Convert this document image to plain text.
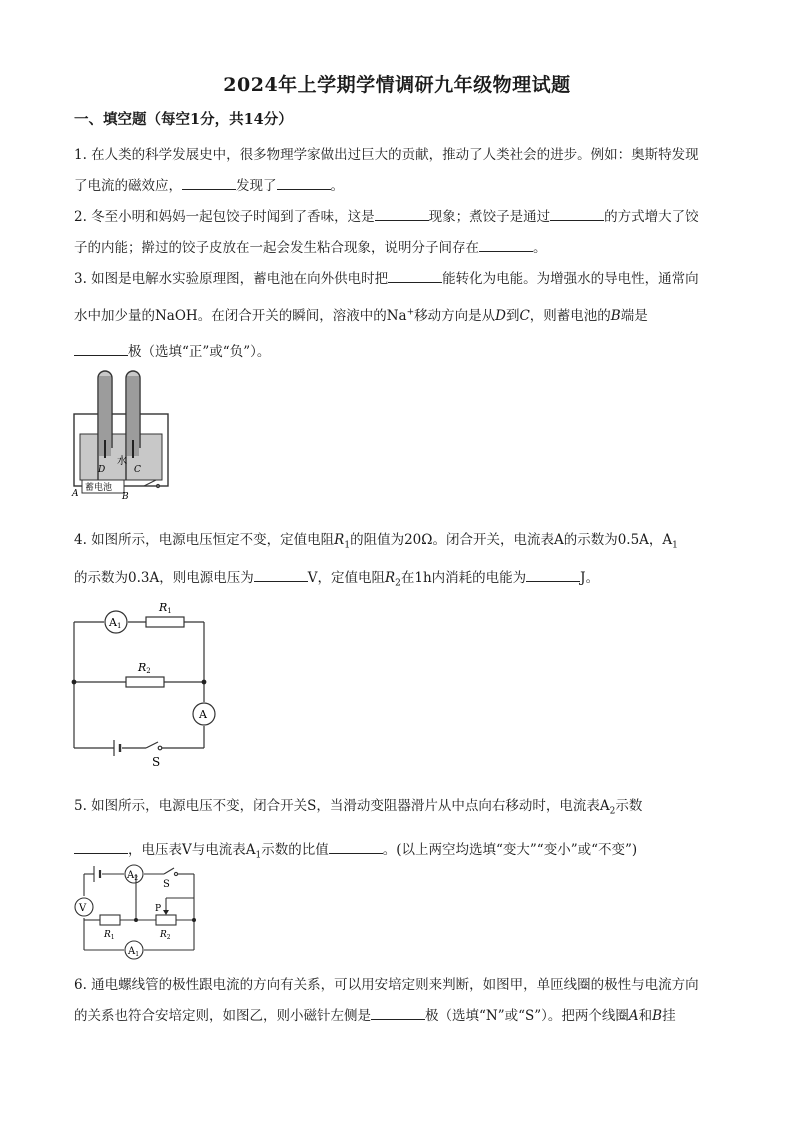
2024年上学期学情调研九年级物理试题
一、填空题（每空1分，共14分）
1. 在人类的科学发展史中，很多物理学家做出过巨大的贡献，推动了人类社会的进步。例如：奥斯特发现
了电流的磁效应，	发现了	。
2. 冬至小明和妈妈一起包饺子时闻到了香味，这是	现象；煮饺子是通过	的方式增大了饺
子的内能；擀过的饺子皮放在一起会发生粘合现象，说明分子间存在	。
3. 如图是电解水实验原理图，蓄电池在向外供电时把	能转化为电能。为增强水的导电性，通常向
水中加少量的NaOH。在闭合开关的瞬间，溶液中的Na+移动方向是从D到C，则蓄电池的B端是
极（选填“正”或“负”）。
水
D	C
蓄电池
A	B
4. 如图所示，电源电压恒定不变，定值电阻$R_1$的阻值为20Ω。闭合开关，电流表A的示数为0.5A，$A_1$
的示数为0.3A，则电源电压为	V，定值电阻$R_2$在1h内消耗的电能为	J。
A1
R1
R2
A
S
5. 如图所示，电源电压不变，闭合开关S，当滑动变阻器滑片从中点向右移动时，电流表$A_2$示数
，电压表V与电流表$A_1$示数的比值	。(以上两空均选填“变大”“变小”或“不变”)
$A_2$
S
V	P
$R_1$	$R_2$
$A_1$
6. 通电螺线管的极性跟电流的方向有关系，可以用安培定则来判断，如图甲，单匝线圈的极性与电流方向
的关系也符合安培定则，如图乙，则小磁针左侧是	极（选填“N”或“S”）。把两个线圈A和B挂
